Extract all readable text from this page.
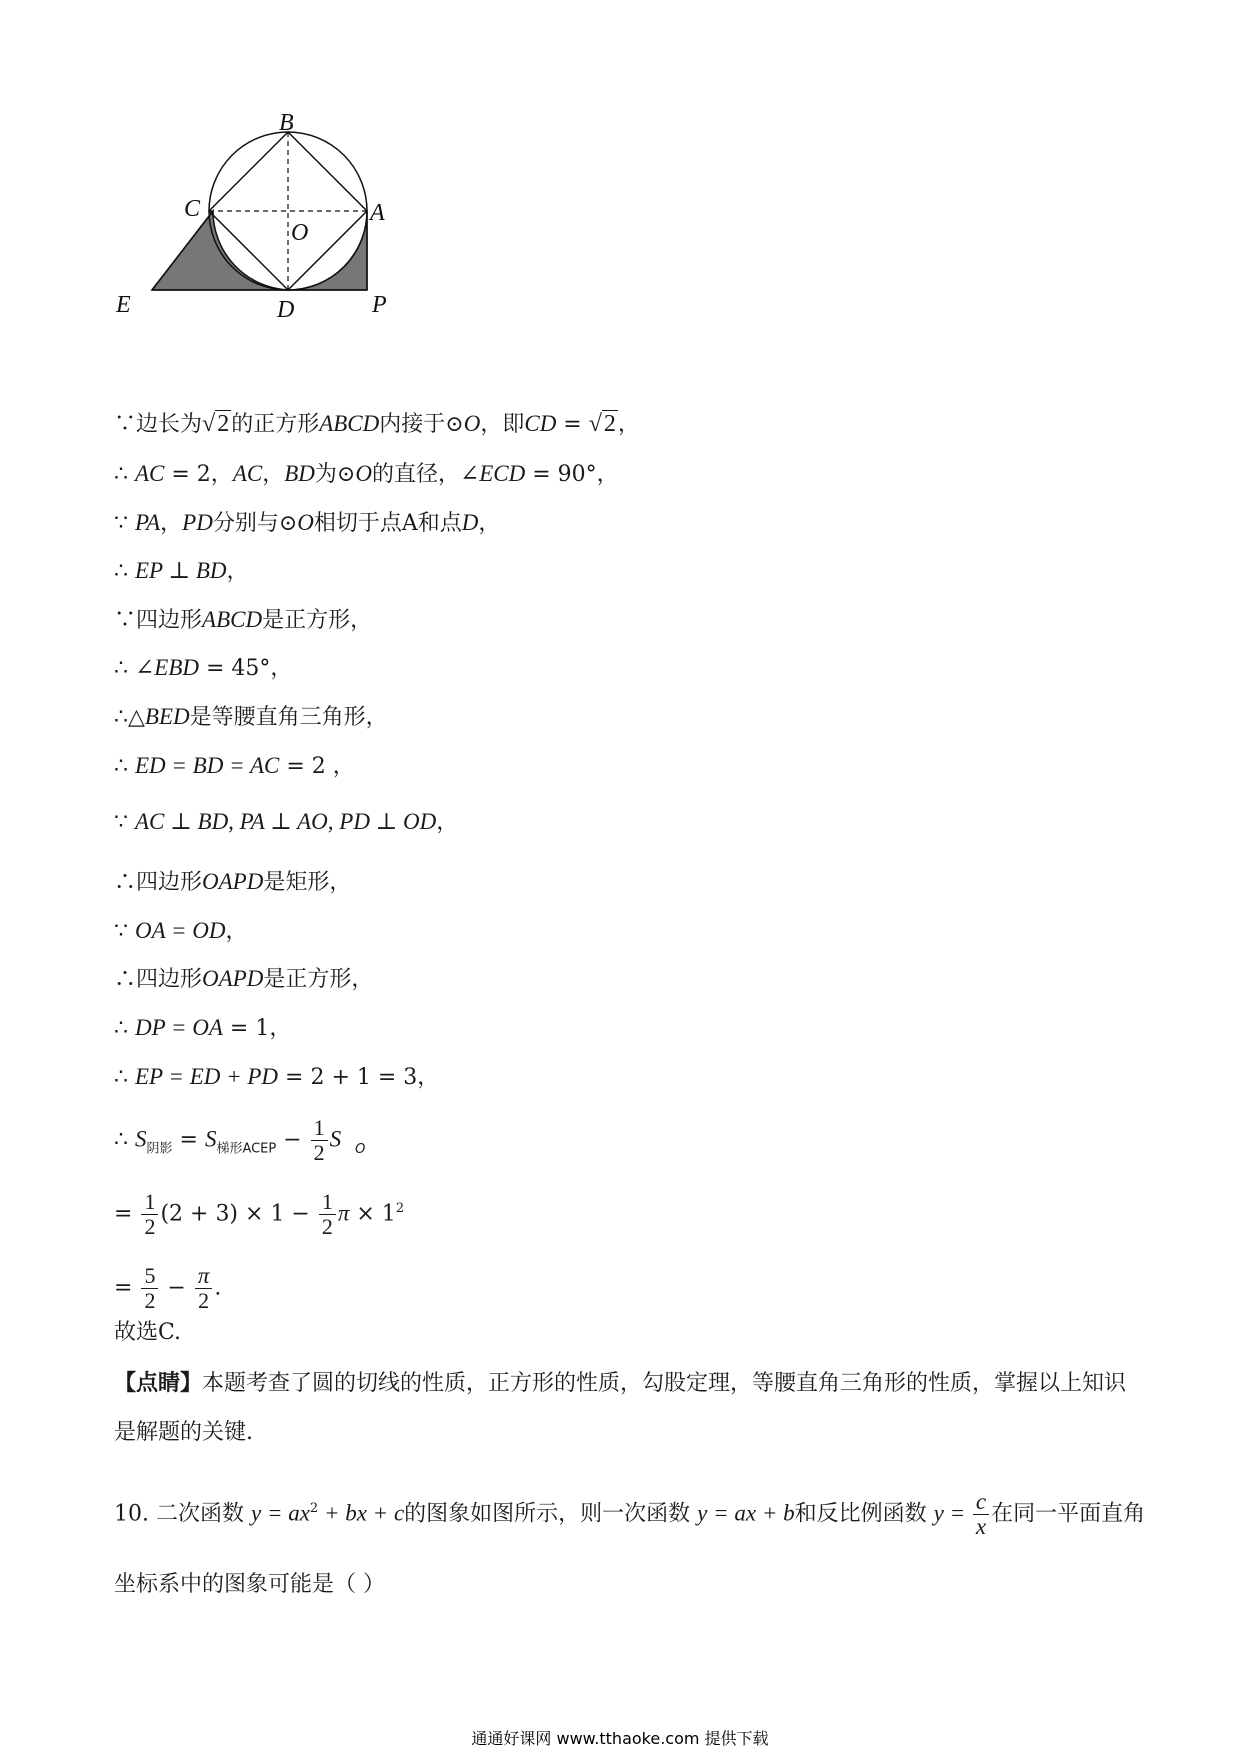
B
C	A
O
E	D	P
∵边长为√2的正方形ABCD内接于⊙O，即CD = √2，
∴ AC = 2，AC，BD为⊙O的直径，∠ECD = 90°，
∵ PA，PD分别与⊙O相切于点A和点D，
∴ EP ⊥ BD，
∵四边形ABCD是正方形，
∴ ∠EBD = 45°，
∴△BED是等腰直角三角形，
∴ ED = BD = AC = 2 ，
∵ AC ⊥ BD, PA ⊥ AO, PD ⊥ OD，
∴四边形OAPD是矩形，
∵ OA = OD，
∴四边形OAPD是正方形，
∴ DP = OA = 1，
∴ EP = ED + PD = 2 + 1 = 3，
∴ $S_{阴影} = S_{梯形ACEP} - \frac{1}{2}$ S $_O$
= $\frac{1}{2} (2 + 3) \times 1 - \frac{1}{2}$ $\pi \times 1^2$
= $\frac{5}{2} - \frac{\pi}{2}$ .
故选C.
【点睛】本题考查了圆的切线的性质，正方形的性质，勾股定理，等腰直角三角形的性质，掌握以上知识
是解题的关键.
10. 二次函数 $y = ax^2$ + bx + c的图象如图所示，则一次函数 y = ax + b和反比例函数 $y = \frac{c}{x}$ 在同一平面直角
坐标系中的图象可能是（ ）
通通好课网 www.tthaoke.com 提供下载
